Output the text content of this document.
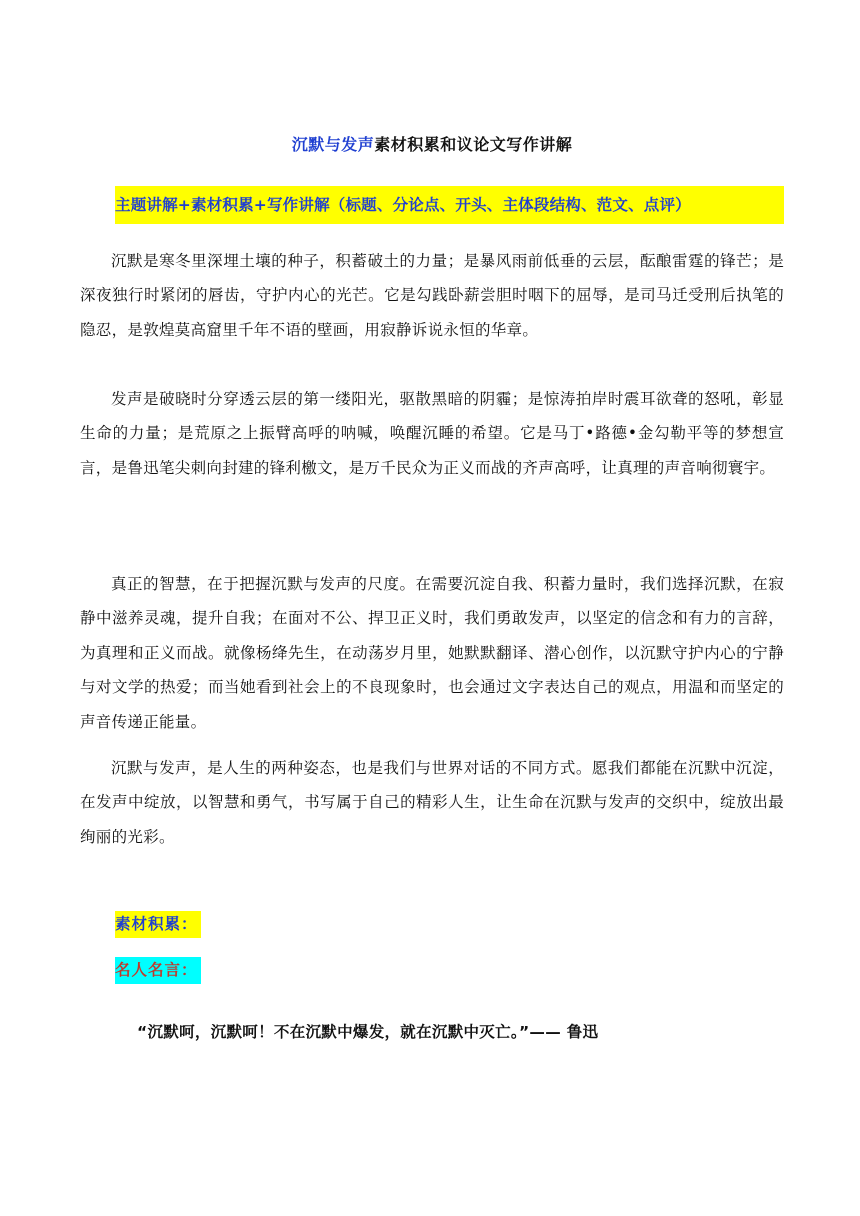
沉默与发声素材积累和议论文写作讲解
主题讲解+素材积累+写作讲解（标题、分论点、开头、主体段结构、范文、点评）

沉默是寒冬里深埋土壤的种子，积蓄破土的力量；是暴风雨前低垂的云层，酝酿雷霆的锋芒；是深夜独行时紧闭的唇齿，守护内心的光芒。它是勾践卧薪尝胆时咽下的屈辱，是司马迁受刑后执笔的隐忍，是敦煌莫高窟里千年不语的壁画，用寂静诉说永恒的华章。

发声是破晓时分穿透云层的第一缕阳光，驱散黑暗的阴霾；是惊涛拍岸时震耳欲聋的怒吼，彰显生命的力量；是荒原之上振臂高呼的呐喊，唤醒沉睡的希望。它是马丁•路德•金勾勒平等的梦想宣言，是鲁迅笔尖刺向封建的锋利檄文，是万千民众为正义而战的齐声高呼，让真理的声音响彻寰宇。

真正的智慧，在于把握沉默与发声的尺度。在需要沉淀自我、积蓄力量时，我们选择沉默，在寂静中滋养灵魂，提升自我；在面对不公、捍卫正义时，我们勇敢发声，以坚定的信念和有力的言辞，为真理和正义而战。就像杨绛先生，在动荡岁月里，她默默翻译、潜心创作，以沉默守护内心的宁静与对文学的热爱；而当她看到社会上的不良现象时，也会通过文字表达自己的观点，用温和而坚定的声音传递正能量。

沉默与发声，是人生的两种姿态，也是我们与世界对话的不同方式。愿我们都能在沉默中沉淀，在发声中绽放，以智慧和勇气，书写属于自己的精彩人生，让生命在沉默与发声的交织中，绽放出最绚丽的光彩。

素材积累：
名人名言：
“沉默呵，沉默呵！不在沉默中爆发，就在沉默中灭亡。”—— 鲁迅
